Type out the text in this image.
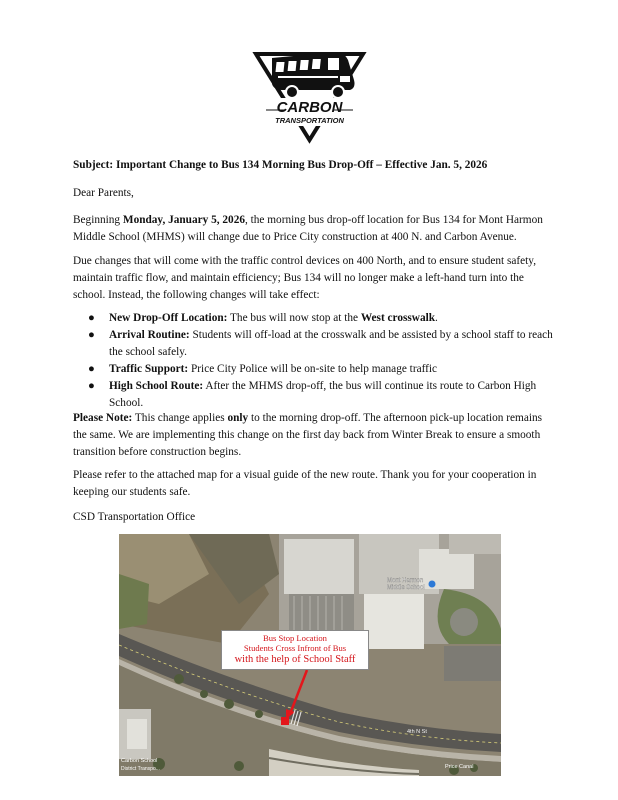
CARBON
TRANSPORTATION
Subject: Important Change to Bus 134 Morning Bus Drop-Off – Effective Jan. 5, 2026
Dear Parents,
Beginning Monday, January 5, 2026, the morning bus drop-off location for Bus 134 for Mont Harmon
Middle School (MHMS) will change due to Price City construction at 400 N. and Carbon Avenue.
Due changes that will come with the traffic control devices on 400 North, and to ensure student safety,
maintain traffic flow, and maintain efficiency; Bus 134 will no longer make a left-hand turn into the
school. Instead, the following changes will take effect:
● New Drop-Off Location: The bus will now stop at the West crosswalk.
● Arrival Routine: Students will off-load at the crosswalk and be assisted by a school staff to reach
the school safely.
● Traffic Support: Price City Police will be on-site to help manage traffic
● High School Route: After the MHMS drop-off, the bus will continue its route to Carbon High
School.
Please Note: This change applies only to the morning drop-off. The afternoon pick-up location remains
the same. We are implementing this change on the first day back from Winter Break to ensure a smooth
transition before construction begins.
Please refer to the attached map for a visual guide of the new route. Thank you for your cooperation in
keeping our students safe.
CSD Transportation Office
Mont Harmon
Middle School
4th N St
Carbon School
District Transpo...	Price Canal
Bus Stop Location
Students Cross Infront of Bus
with the help of School Staff
